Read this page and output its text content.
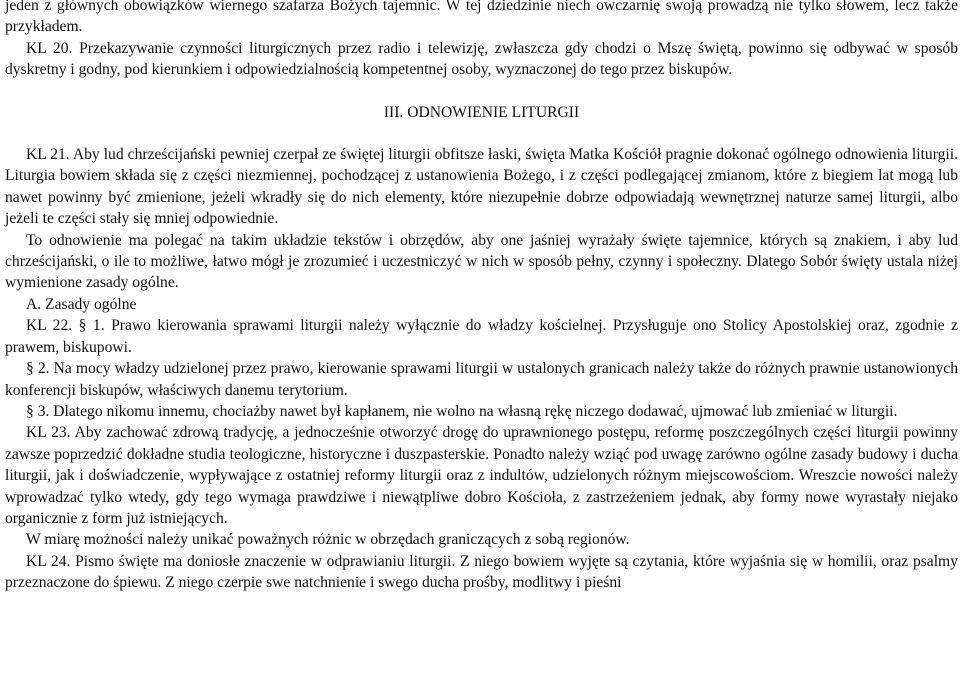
jeden z głównych obowiązków wiernego szafarza Bożych tajemnic. W tej dziedzinie niech owczarnię swoją prowadzą nie tylko słowem, lecz także przykładem.

KL 20. Przekazywanie czynności liturgicznych przez radio i telewizję, zwłaszcza gdy chodzi o Mszę świętą, powinno się odbywać w sposób dyskretny i godny, pod kierunkiem i odpowiedzialnością kompetentnej osoby, wyznaczonej do tego przez biskupów.

III. ODNOWIENIE LITURGII

KL 21. Aby lud chrześcijański pewniej czerpał ze świętej liturgii obfitsze łaski, święta Matka Kościół pragnie dokonać ogólnego odnowienia liturgii. Liturgia bowiem składa się z części niezmiennej, pochodzącej z ustanowienia Bożego, i z części podlegającej zmianom, które z biegiem lat mogą lub nawet powinny być zmienione, jeżeli wkradły się do nich elementy, które niezupełnie dobrze odpowiadają wewnętrznej naturze samej liturgii, albo jeżeli te części stały się mniej odpowiednie.

To odnowienie ma polegać na takim układzie tekstów i obrzędów, aby one jaśniej wyrażały święte tajemnice, których są znakiem, i aby lud chrześcijański, o ile to możliwe, łatwo mógł je zrozumieć i uczestniczyć w nich w sposób pełny, czynny i społeczny. Dlatego Sobór święty ustala niżej wymienione zasady ogólne.

A. Zasady ogólne

KL 22. § 1. Prawo kierowania sprawami liturgii należy wyłącznie do władzy kościelnej. Przysługuje ono Stolicy Apostolskiej oraz, zgodnie z prawem, biskupowi.

§ 2. Na mocy władzy udzielonej przez prawo, kierowanie sprawami liturgii w ustalonych granicach należy także do różnych prawnie ustanowionych konferencji biskupów, właściwych danemu terytorium.

§ 3. Dlatego nikomu innemu, chociażby nawet był kapłanem, nie wolno na własną rękę niczego dodawać, ujmować lub zmieniać w liturgii.

KL 23. Aby zachować zdrową tradycję, a jednocześnie otworzyć drogę do uprawnionego postępu, reformę poszczególnych części liturgii powinny zawsze poprzedzić dokładne studia teologiczne, historyczne i duszpasterskie. Ponadto należy wziąć pod uwagę zarówno ogólne zasady budowy i ducha liturgii, jak i doświadczenie, wypływające z ostatniej reformy liturgii oraz z indultów, udzielonych różnym miejscowościom. Wreszcie nowości należy wprowadzać tylko wtedy, gdy tego wymaga prawdziwe i niewątpliwe dobro Kościoła, z zastrzeżeniem jednak, aby formy nowe wyrastały niejako organicznie z form już istniejących.

W miarę możności należy unikać poważnych różnic w obrzędach graniczących z sobą regionów.

KL 24. Pismo święte ma doniosłe znaczenie w odprawianiu liturgii. Z niego bowiem wyjęte są czytania, które wyjaśnia się w homilii, oraz psalmy przeznaczone do śpiewu. Z niego czerpie swe natchnienie i swego ducha prośby, modlitwy i pieśni
